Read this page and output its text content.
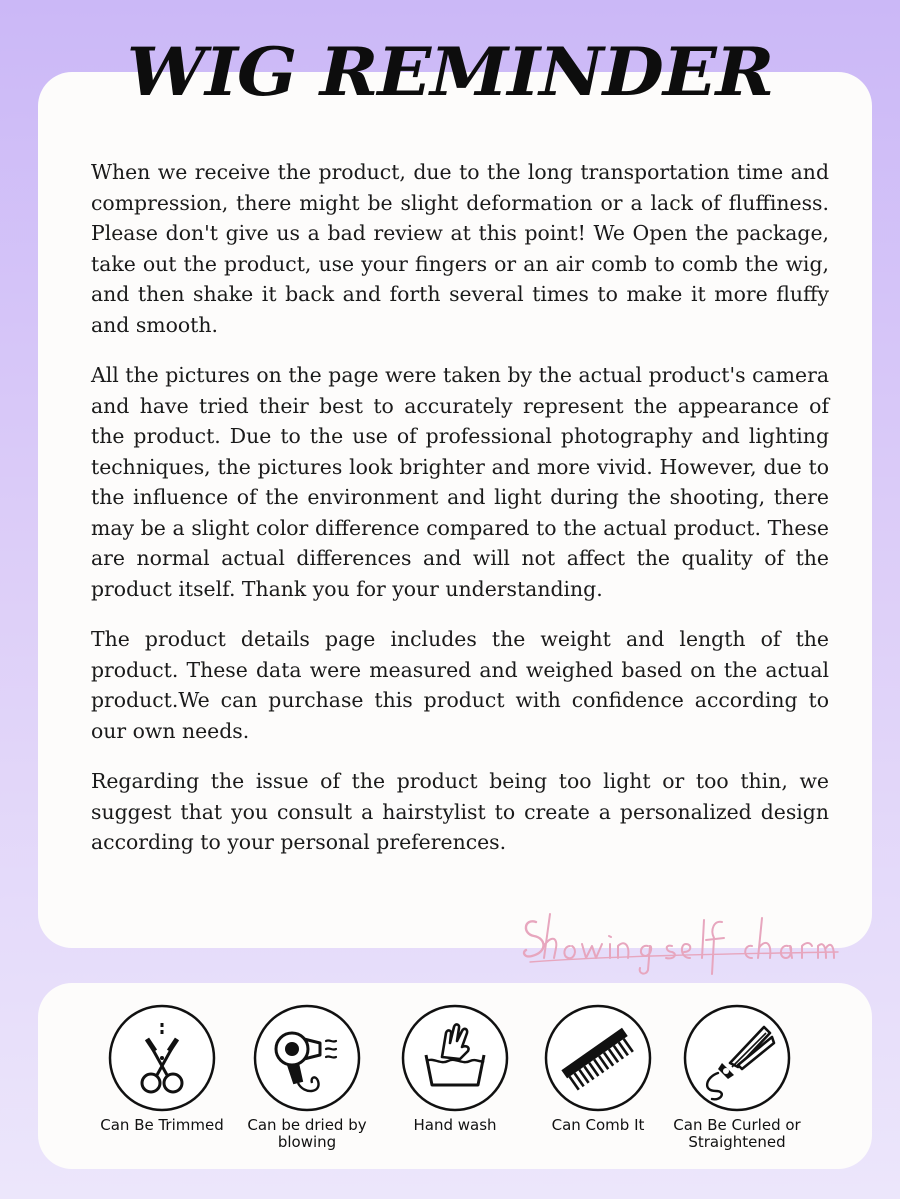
WIG REMINDER

When we receive the product, due to the long transportation time and compression, there might be slight deformation or a lack of fluffiness. Please don't give us a bad review at this point! We Open the package, take out the product, use your fingers or an air comb to comb the wig, and then shake it back and forth several times to make it more fluffy and smooth.

All the pictures on the page were taken by the actual product's camera and have tried their best to accurately represent the appearance of the product. Due to the use of professional photography and lighting techniques, the pictures look brighter and more vivid. However, due to the influence of the environment and light during the shooting, there may be a slight color difference compared to the actual product. These are normal actual differences and will not affect the quality of the product itself. Thank you for your understanding.

The product details page includes the weight and length of the product. These data were measured and weighed based on the actual product.We can purchase this product with confidence according to our own needs.

Regarding the issue of the product being too light or too thin, we suggest that you consult a hairstylist to create a personalized design according to your personal preferences.

Can Be Trimmed	Can be dried by blowing
Hand wash	Can Comb It	Can Be Curled or Straightened
